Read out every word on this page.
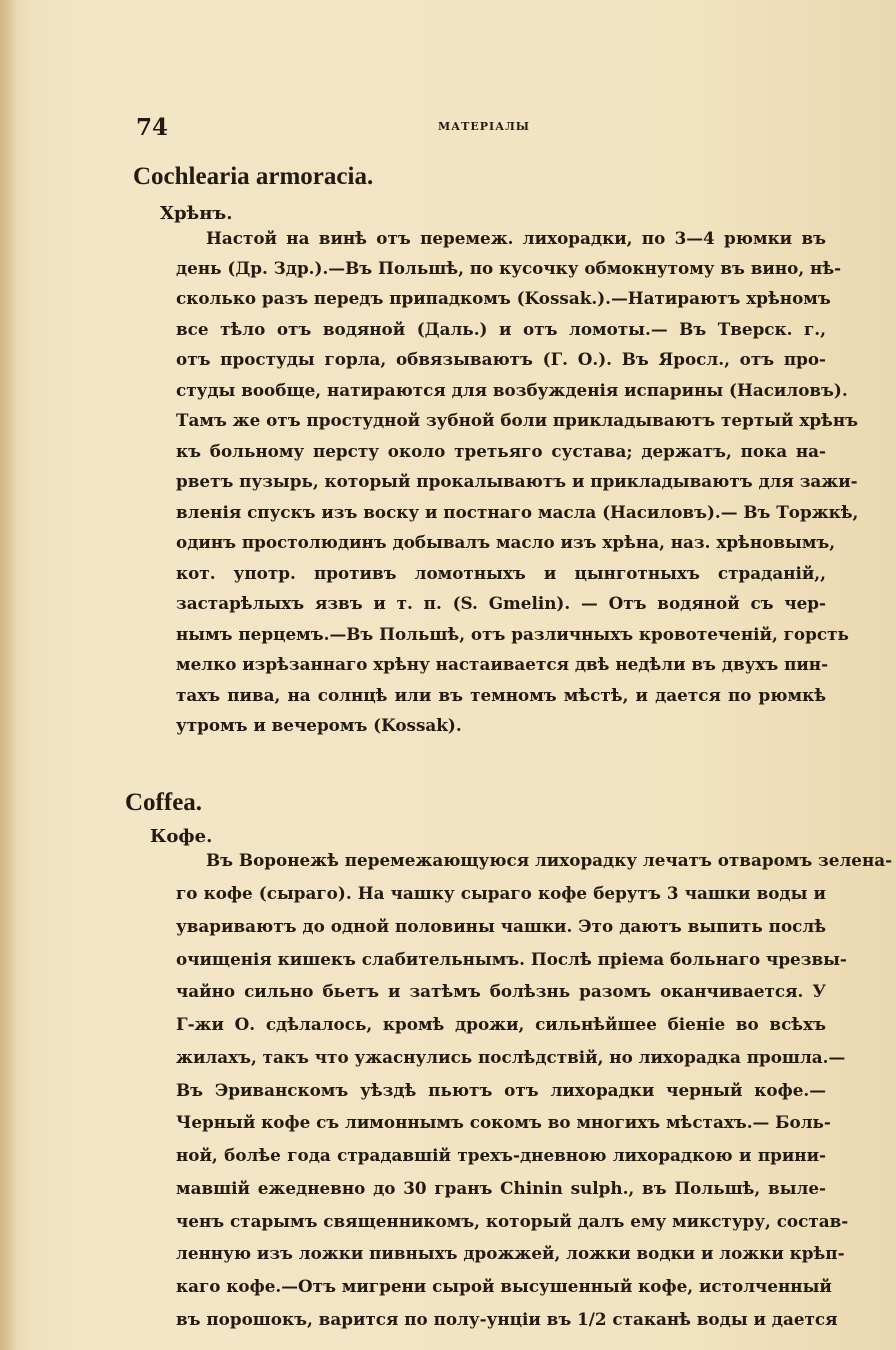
74	МАТЕРІАЛЫ
Cochlearia armoracia.
Хрѣнъ.
Настой на винѣ отъ перемеж. лихорадки, по 3—4 рюмки въ
день (Др. Здр.).—Въ Польшѣ, по кусочку обмокнутому въ вино, нѣ-
сколько разъ передъ припадкомъ (Kossak.).—Натираютъ хрѣномъ
все тѣло отъ водяной (Даль.) и отъ ломоты.— Въ Тверск. г.,
отъ простуды горла, обвязываютъ (Г. О.). Въ Яросл., отъ про-
студы вообще, натираются для возбужденія испарины (Насиловъ).
Тамъ же отъ простудной зубной боли прикладываютъ тертый хрѣнъ
къ больному персту около третьяго сустава; держатъ, пока на-
рветъ пузырь, который прокалываютъ и прикладываютъ для зажи-
вленія спускъ изъ воску и постнаго масла (Насиловъ).— Въ Торжкѣ,
одинъ простолюдинъ добывалъ масло изъ хрѣна, наз. хрѣновымъ,
кот. употр. противъ ломотныхъ и цынготныхъ страданій,,
застарѣлыхъ язвъ и т. п. (S. Gmelin). — Отъ водяной съ чер-
нымъ перцемъ.—Въ Польшѣ, отъ различныхъ кровотеченій, горсть
мелко изрѣзаннаго хрѣну настаивается двѣ недѣли въ двухъ пин-
тахъ пива, на солнцѣ или въ темномъ мѣстѣ, и дается по рюмкѣ
утромъ и вечеромъ (Kossak).
Coffea.
Кофе.
Въ Воронежѣ перемежающуюся лихорадку лечатъ отваромъ зелена-
го кофе (сыраго). На чашку сыраго кофе берутъ 3 чашки воды и
увариваютъ до одной половины чашки. Это даютъ выпить послѣ
очищенія кишекъ слабительнымъ. Послѣ пріема больнаго чрезвы-
чайно сильно бьетъ и затѣмъ болѣзнь разомъ оканчивается. У
Г-жи О. сдѣлалось, кромѣ дрожи, сильнѣйшее біеніе во всѣхъ
жилахъ, такъ что ужаснулись послѣдствій, но лихорадка прошла.—
Въ Эриванскомъ уѣздѣ пьютъ отъ лихорадки черный кофе.—
Черный кофе съ лимоннымъ сокомъ во многихъ мѣстахъ.— Боль-
ной, болѣе года страдавшій трехъ-дневною лихорадкою и прини-
мавшій ежедневно до 30 гранъ Chinin sulph., въ Польшѣ, выле-
ченъ старымъ священникомъ, который далъ ему микстуру, состав-
ленную изъ ложки пивныхъ дрожжей, ложки водки и ложки крѣп-
каго кофе.—Отъ мигрени сырой высушенный кофе, истолченный
въ порошокъ, варится по полу-унціи въ 1/2 стаканѣ воды и дается
